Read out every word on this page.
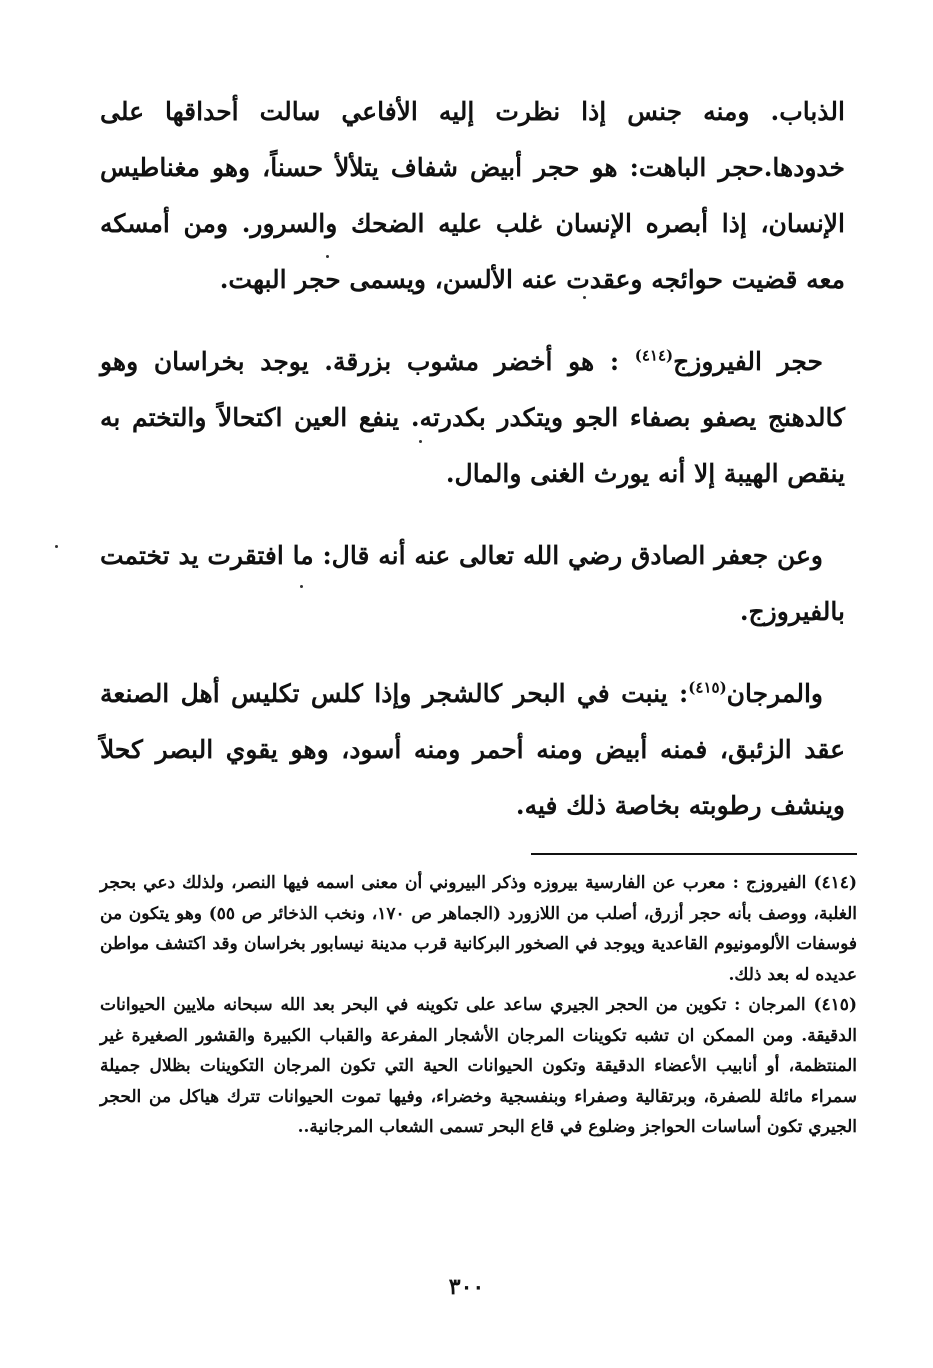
الذباب. ومنه جنس إذا نظرت إليه الأفاعي سالت أحداقها على خدودها.حجر الباهت: هو حجر أبيض شفاف يتلألأ حسناً، وهو مغناطيس الإنسان، إذا أبصره الإنسان غلب عليه الضحك والسرور. ومن أمسكه معه قضيت حوائجه وعقدت عنه الألسن، ويسمى حجر البهت.

حجر الفيروزج$^{(٤١٤)}$ : هو أخضر مشوب بزرقة. يوجد بخراسان وهو كالدهنج يصفو بصفاء الجو ويتكدر بكدرته. ينفع العين اكتحالاً والتختم به ينقص الهيبة إلا أنه يورث الغنى والمال.

وعن جعفر الصادق رضي الله تعالى عنه أنه قال: ما افتقرت يد تختمت بالفيروزج.

والمرجان$^{(٤١٥)}$: ينبت في البحر كالشجر وإذا كلس تكليس أهل الصنعة عقد الزئبق، فمنه أبيض ومنه أحمر ومنه أسود، وهو يقوي البصر كحلاً وينشف رطوبته بخاصة ذلك فيه.

(٤١٤) الفيروزج : معرب عن الفارسية بيروزه وذكر البيروني أن معنى اسمه فيها النصر، ولذلك دعي بحجر الغلبة، ووصف بأنه حجر أزرق، أصلب من اللازورد (الجماهر ص ١٧٠، ونخب الذخائر ص ٥٥) وهو يتكون من فوسفات الألومونيوم القاعدية ويوجد في الصخور البركانية قرب مدينة نيسابور بخراسان وقد اكتشف مواطن عديده له بعد ذلك.

(٤١٥) المرجان : تكوين من الحجر الجيري ساعد على تكوينه في البحر بعد الله سبحانه ملايين الحيوانات الدقيقة. ومن الممكن ان تشبه تكوينات المرجان الأشجار المفرعة والقباب الكبيرة والقشور الصغيرة غير المنتظمة، أو أنابيب الأعضاء الدقيقة وتكون الحيوانات الحية التي تكون المرجان التكوينات بظلال جميلة سمراء مائلة للصفرة، وبرتقالية وصفراء وبنفسجية وخضراء، وفيها تموت الحيوانات تترك هياكل من الحجر الجيري تكون أساسات الحواجز وضلوع في قاع البحر تسمى الشعاب المرجانية..

٣٠٠
